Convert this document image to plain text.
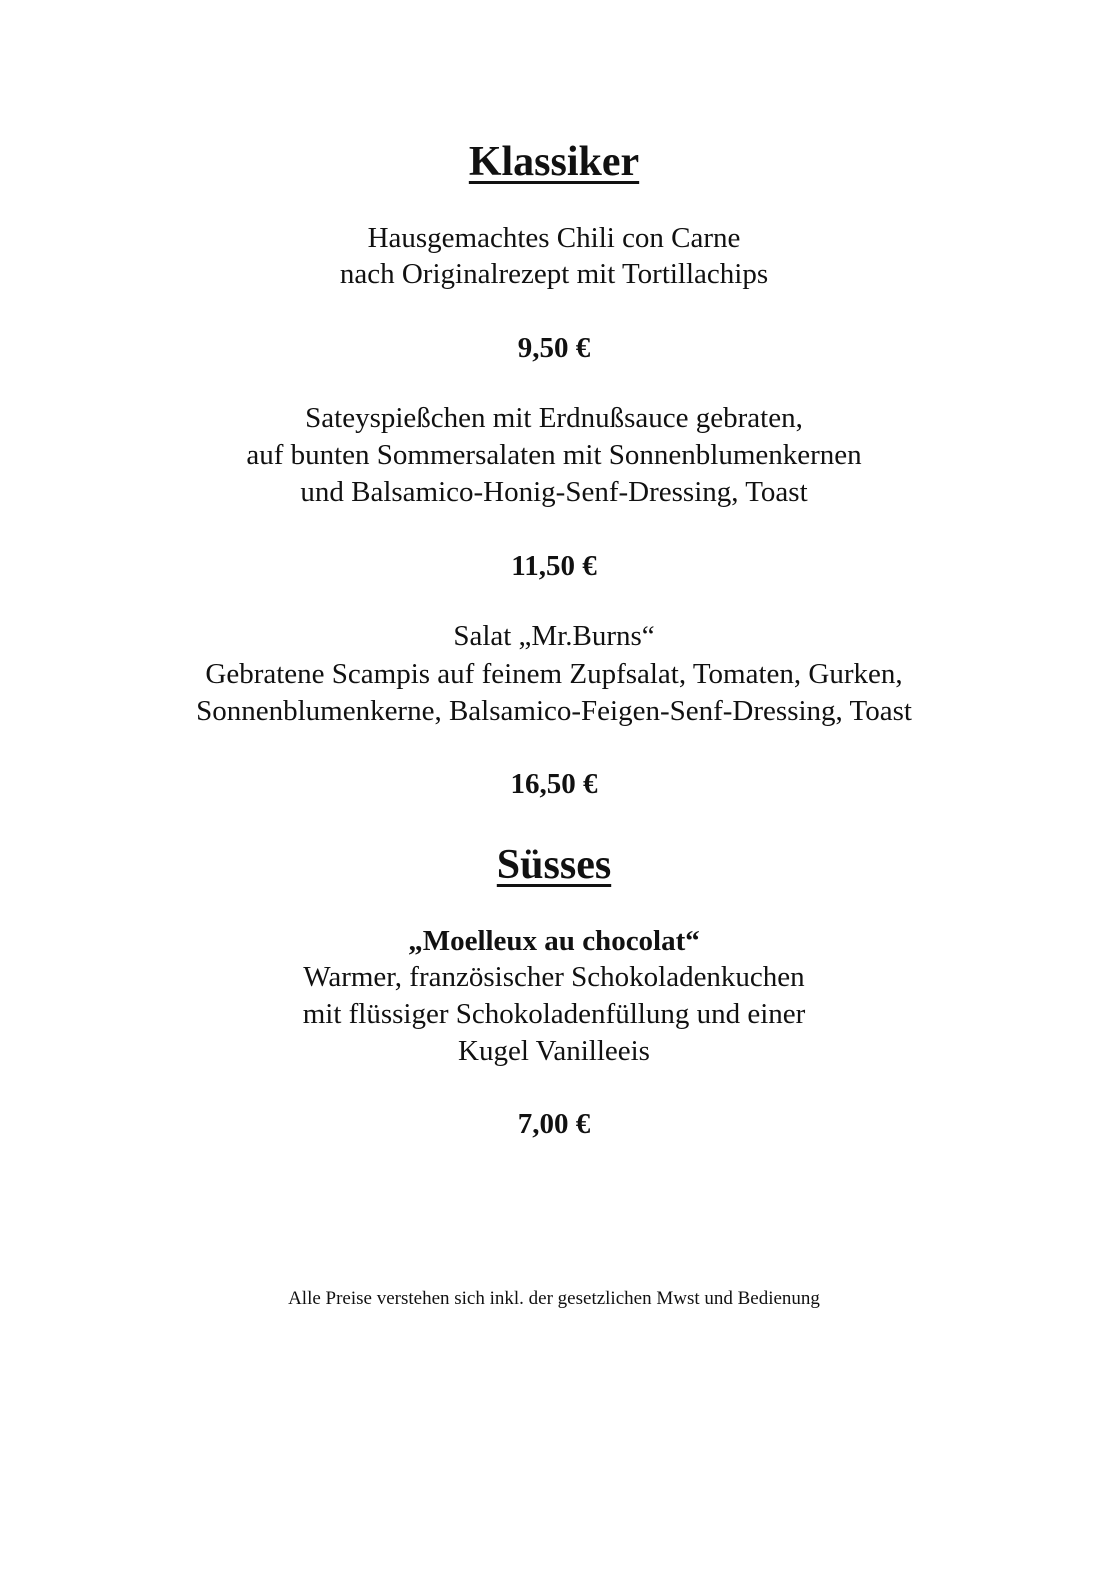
Klassiker
Hausgemachtes Chili con Carne
nach Originalrezept mit Tortillachips
9,50 €
Sateyspießchen mit Erdnußsauce gebraten,
auf bunten Sommersalaten mit Sonnenblumenkernen
und Balsamico-Honig-Senf-Dressing, Toast
11,50 €
Salat „Mr.Burns“
Gebratene Scampis auf feinem Zupfsalat, Tomaten, Gurken,
Sonnenblumenkerne, Balsamico-Feigen-Senf-Dressing, Toast
16,50 €
Süsses
„Moelleux au chocolat“
Warmer, französischer Schokoladenkuchen
mit flüssiger Schokoladenfüllung und einer
Kugel Vanilleeis
7,00 €
Alle Preise verstehen sich inkl. der gesetzlichen Mwst und Bedienung
